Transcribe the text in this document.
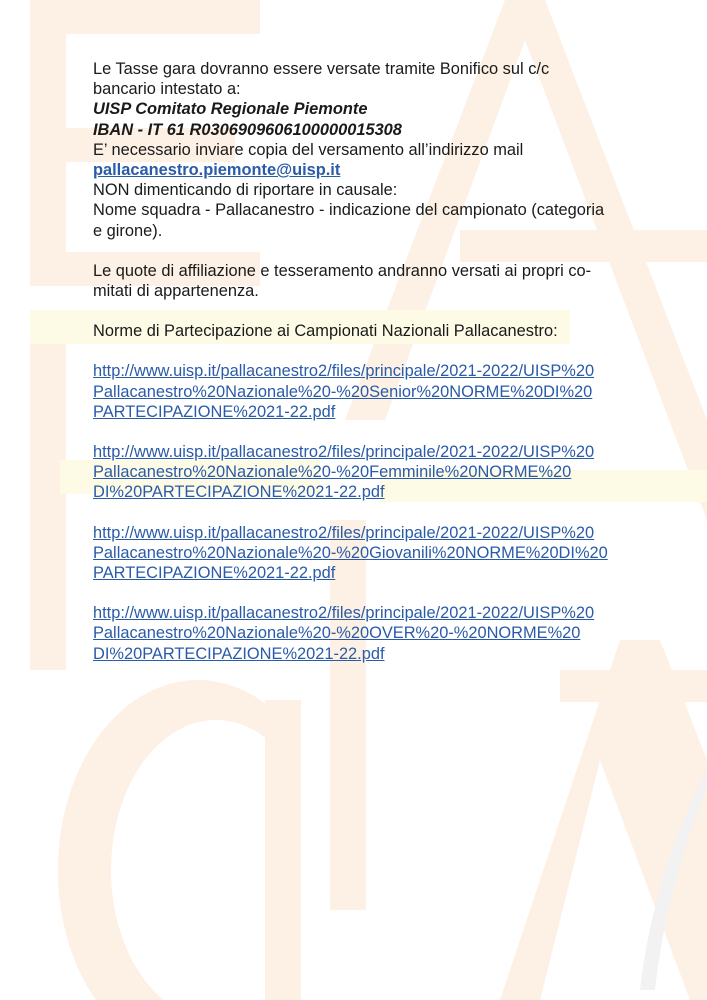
Le Tasse gara dovranno essere versate tramite Bonifico sul c/c

bancario intestato a:

UISP Comitato Regionale Piemonte

IBAN - IT 61 R0306909606100000015308

E’ necessario inviare copia del versamento all’indirizzo mail

pallacanestro.piemonte@uisp.it

NON dimenticando di riportare in causale:

Nome squadra - Pallacanestro - indicazione del campionato (categoria

e girone).

Le quote di affiliazione e tesseramento andranno versati ai propri co-

mitati di appartenenza.

Norme di Partecipazione ai Campionati Nazionali Pallacanestro:

http://www.uisp.it/pallacanestro2/files/principale/2021-2022/UISP%20
Pallacanestro%20Nazionale%20-%20Senior%20NORME%20DI%20
PARTECIPAZIONE%2021-22.pdf
http://www.uisp.it/pallacanestro2/files/principale/2021-2022/UISP%20
Pallacanestro%20Nazionale%20-%20Femminile%20NORME%20
DI%20PARTECIPAZIONE%2021-22.pdf
http://www.uisp.it/pallacanestro2/files/principale/2021-2022/UISP%20
Pallacanestro%20Nazionale%20-%20Giovanili%20NORME%20DI%20
PARTECIPAZIONE%2021-22.pdf
http://www.uisp.it/pallacanestro2/files/principale/2021-2022/UISP%20
Pallacanestro%20Nazionale%20-%20OVER%20-%20NORME%20
DI%20PARTECIPAZIONE%2021-22.pdf
